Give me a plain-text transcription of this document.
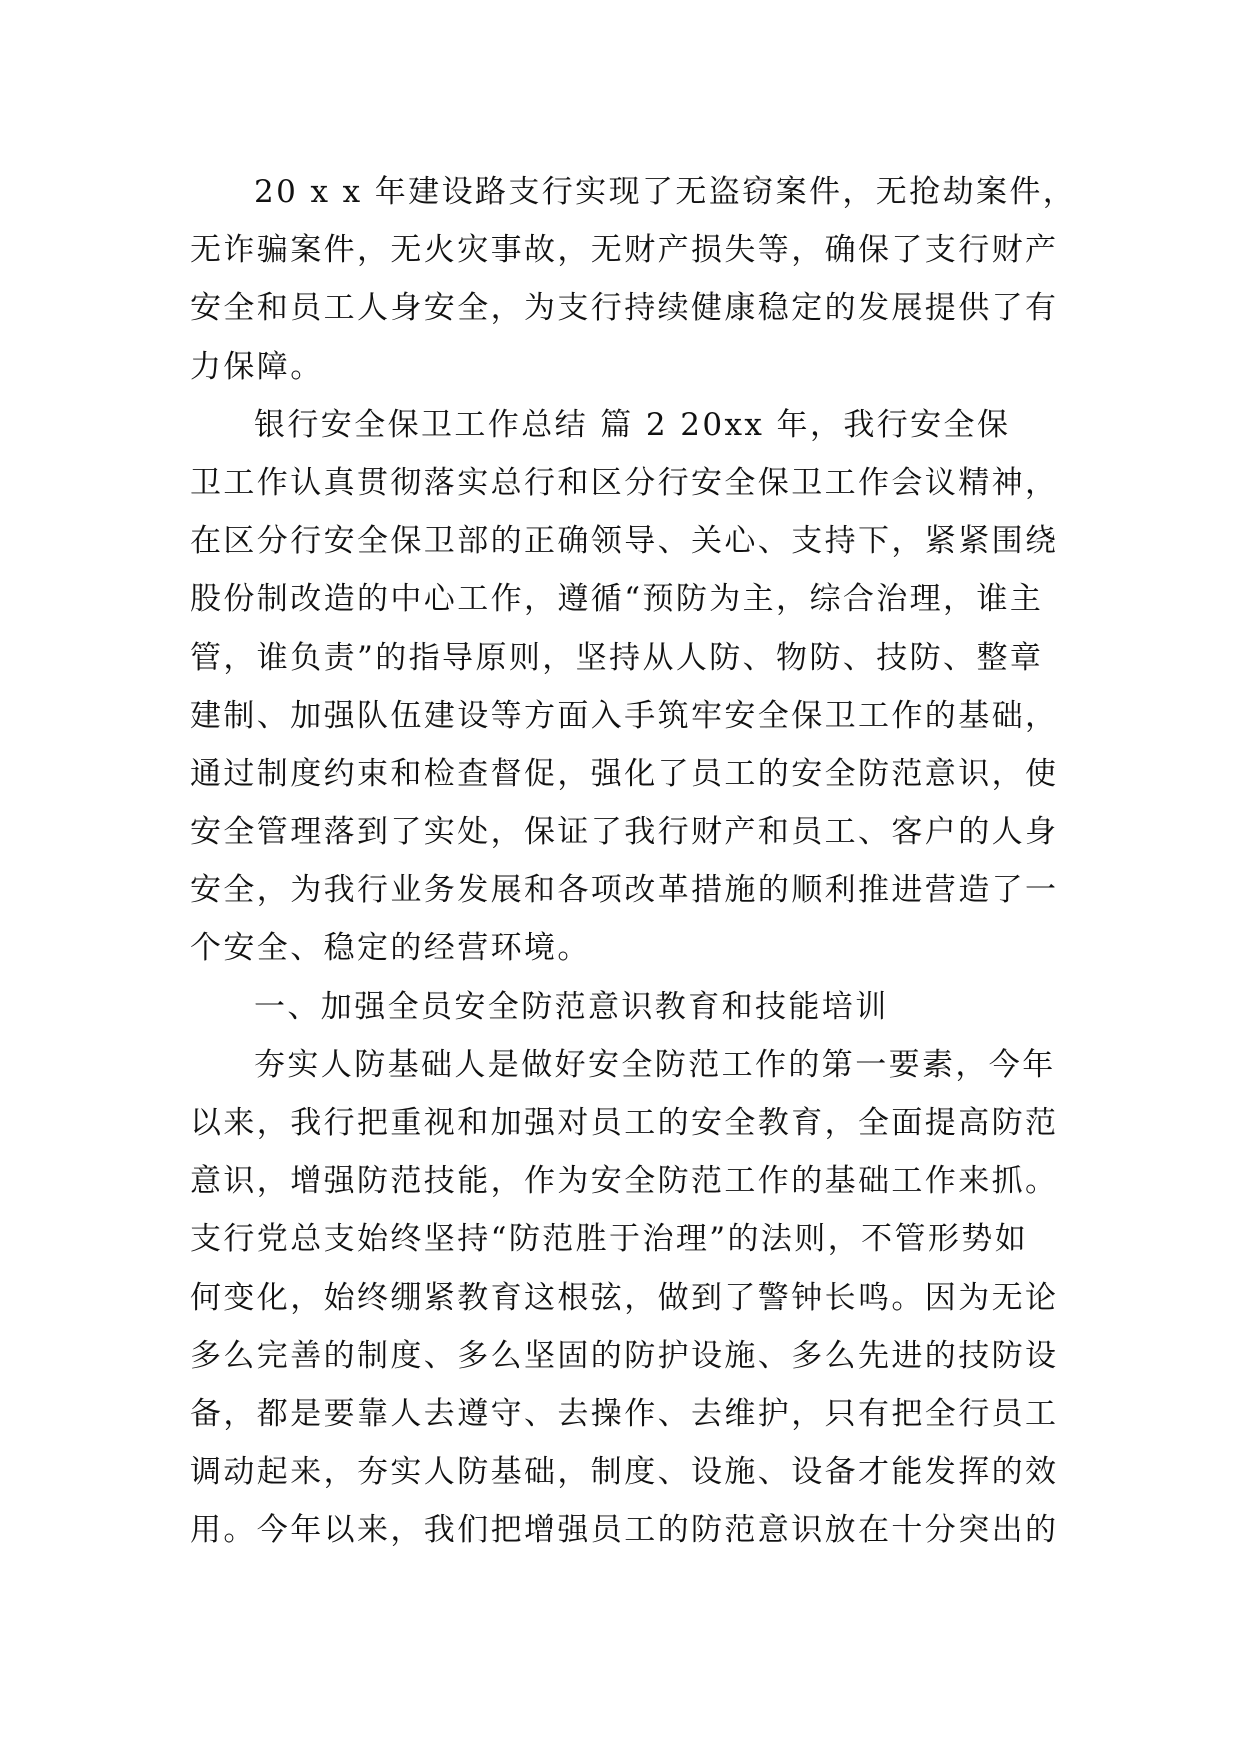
20 x x 年建设路支行实现了无盗窃案件，无抢劫案件，
无诈骗案件，无火灾事故，无财产损失等，确保了支行财产
安全和员工人身安全，为支行持续健康稳定的发展提供了有
力保障。
银行安全保卫工作总结 篇 2 20xx 年，我行安全保
卫工作认真贯彻落实总行和区分行安全保卫工作会议精神，
在区分行安全保卫部的正确领导、关心、支持下，紧紧围绕
股份制改造的中心工作，遵循“预防为主，综合治理，谁主
管，谁负责”的指导原则，坚持从人防、物防、技防、整章
建制、加强队伍建设等方面入手筑牢安全保卫工作的基础，
通过制度约束和检查督促，强化了员工的安全防范意识，使
安全管理落到了实处，保证了我行财产和员工、客户的人身
安全，为我行业务发展和各项改革措施的顺利推进营造了一
个安全、稳定的经营环境。
一、加强全员安全防范意识教育和技能培训
夯实人防基础人是做好安全防范工作的第一要素，今年
以来，我行把重视和加强对员工的安全教育，全面提高防范
意识，增强防范技能，作为安全防范工作的基础工作来抓。
支行党总支始终坚持“防范胜于治理”的法则，不管形势如
何变化，始终绷紧教育这根弦，做到了警钟长鸣。因为无论
多么完善的制度、多么坚固的防护设施、多么先进的技防设
备，都是要靠人去遵守、去操作、去维护，只有把全行员工
调动起来，夯实人防基础，制度、设施、设备才能发挥的效
用。今年以来，我们把增强员工的防范意识放在十分突出的
